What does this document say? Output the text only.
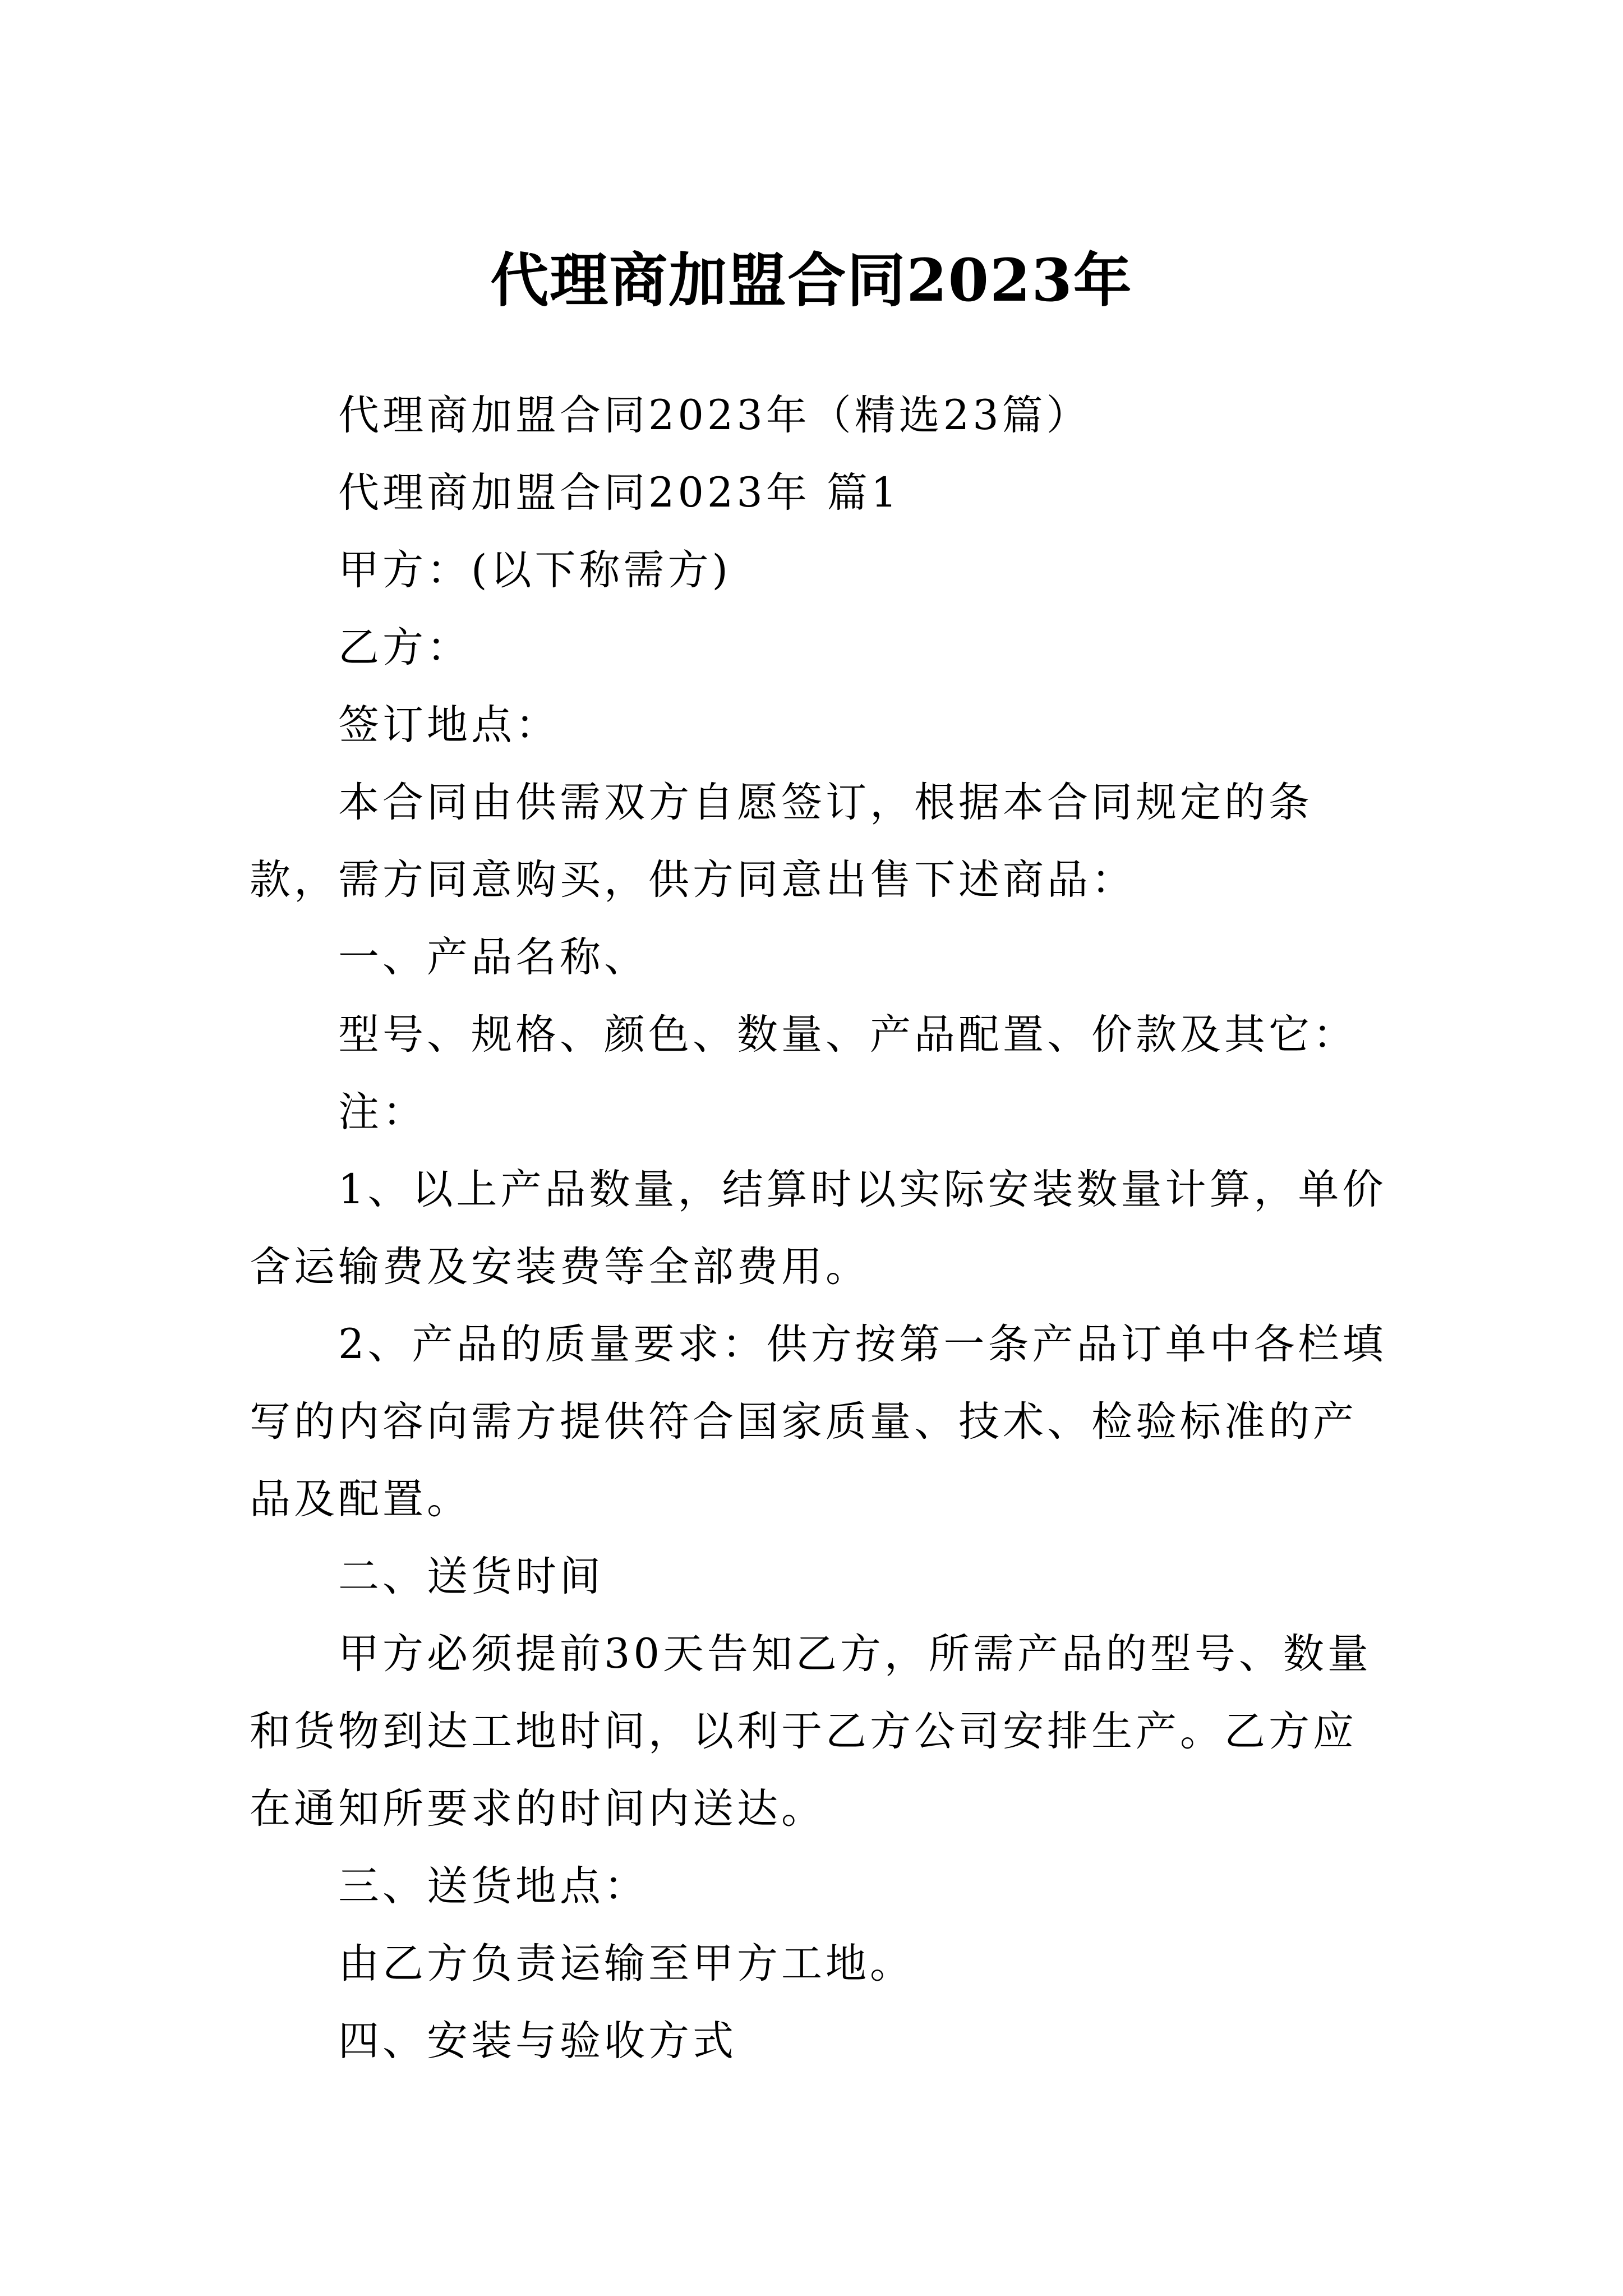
代理商加盟合同2023年

代理商加盟合同2023年（精选23篇）

代理商加盟合同2023年 篇1

甲方：(以下称需方)

乙方：

签订地点：

本合同由供需双方自愿签订，根据本合同规定的条款，需方同意购买，供方同意出售下述商品：

一、产品名称、

型号、规格、颜色、数量、产品配置、价款及其它：

注：

1、以上产品数量，结算时以实际安装数量计算，单价含运输费及安装费等全部费用。

2、产品的质量要求：供方按第一条产品订单中各栏填写的内容向需方提供符合国家质量、技术、检验标准的产品及配置。

二、送货时间

甲方必须提前30天告知乙方，所需产品的型号、数量和货物到达工地时间，以利于乙方公司安排生产。乙方应在通知所要求的时间内送达。

三、送货地点：

由乙方负责运输至甲方工地。

四、安装与验收方式
